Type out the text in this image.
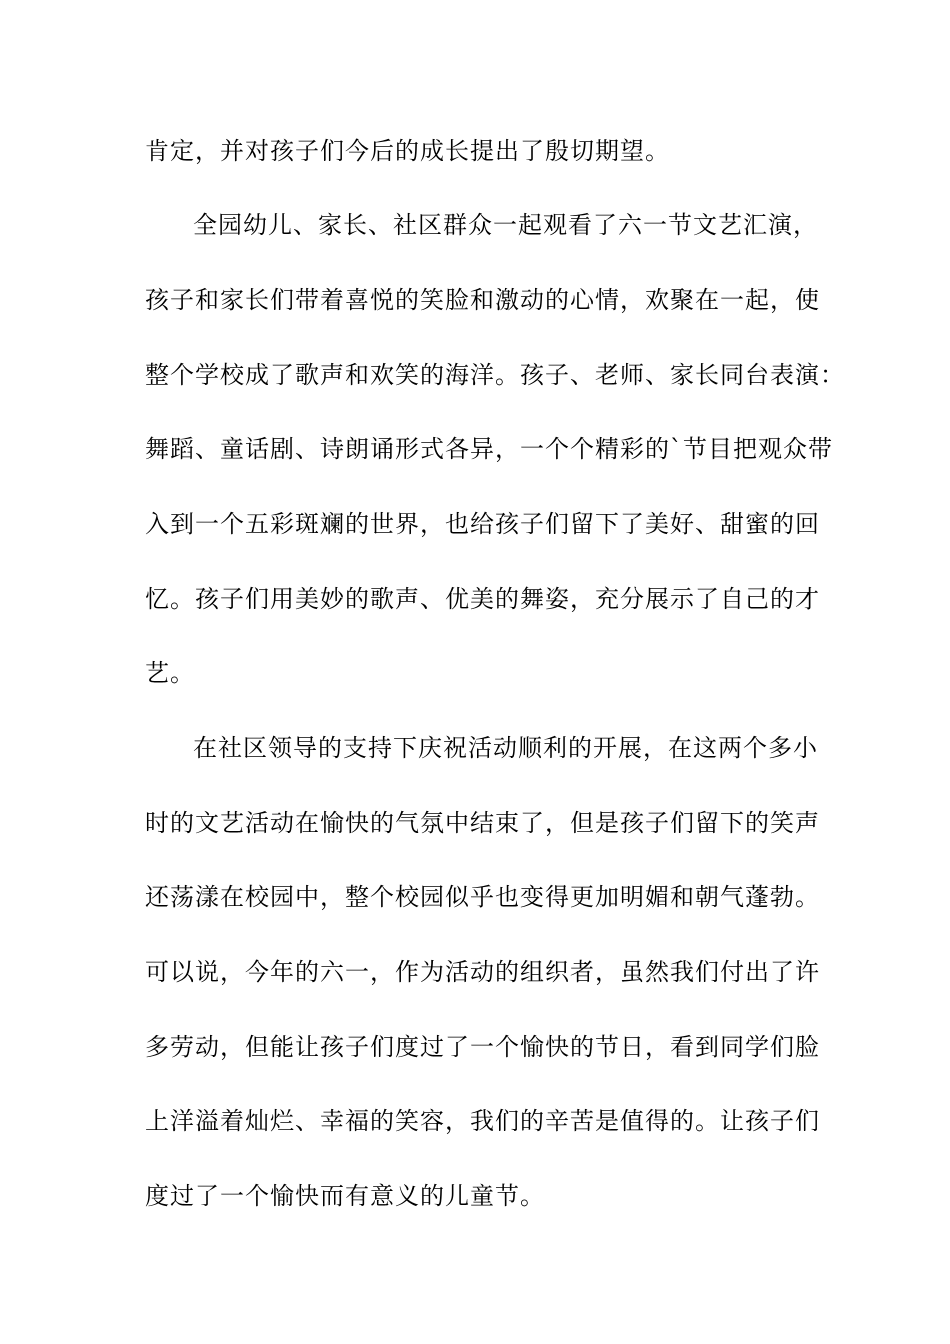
肯定，并对孩子们今后的成长提出了殷切期望。

全园幼儿、家长、社区群众一起观看了六一节文艺汇演，

孩子和家长们带着喜悦的笑脸和激动的心情，欢聚在一起，使

整个学校成了歌声和欢笑的海洋。孩子、老师、家长同台表演：

舞蹈、童话剧、诗朗诵形式各异，一个个精彩的`节目把观众带

入到一个五彩斑斓的世界，也给孩子们留下了美好、甜蜜的回

忆。孩子们用美妙的歌声、优美的舞姿，充分展示了自己的才

艺。

在社区领导的支持下庆祝活动顺利的开展，在这两个多小

时的文艺活动在愉快的气氛中结束了，但是孩子们留下的笑声

还荡漾在校园中，整个校园似乎也变得更加明媚和朝气蓬勃。

可以说，今年的六一，作为活动的组织者，虽然我们付出了许

多劳动，但能让孩子们度过了一个愉快的节日，看到同学们脸

上洋溢着灿烂、幸福的笑容，我们的辛苦是值得的。让孩子们

度过了一个愉快而有意义的儿童节。
